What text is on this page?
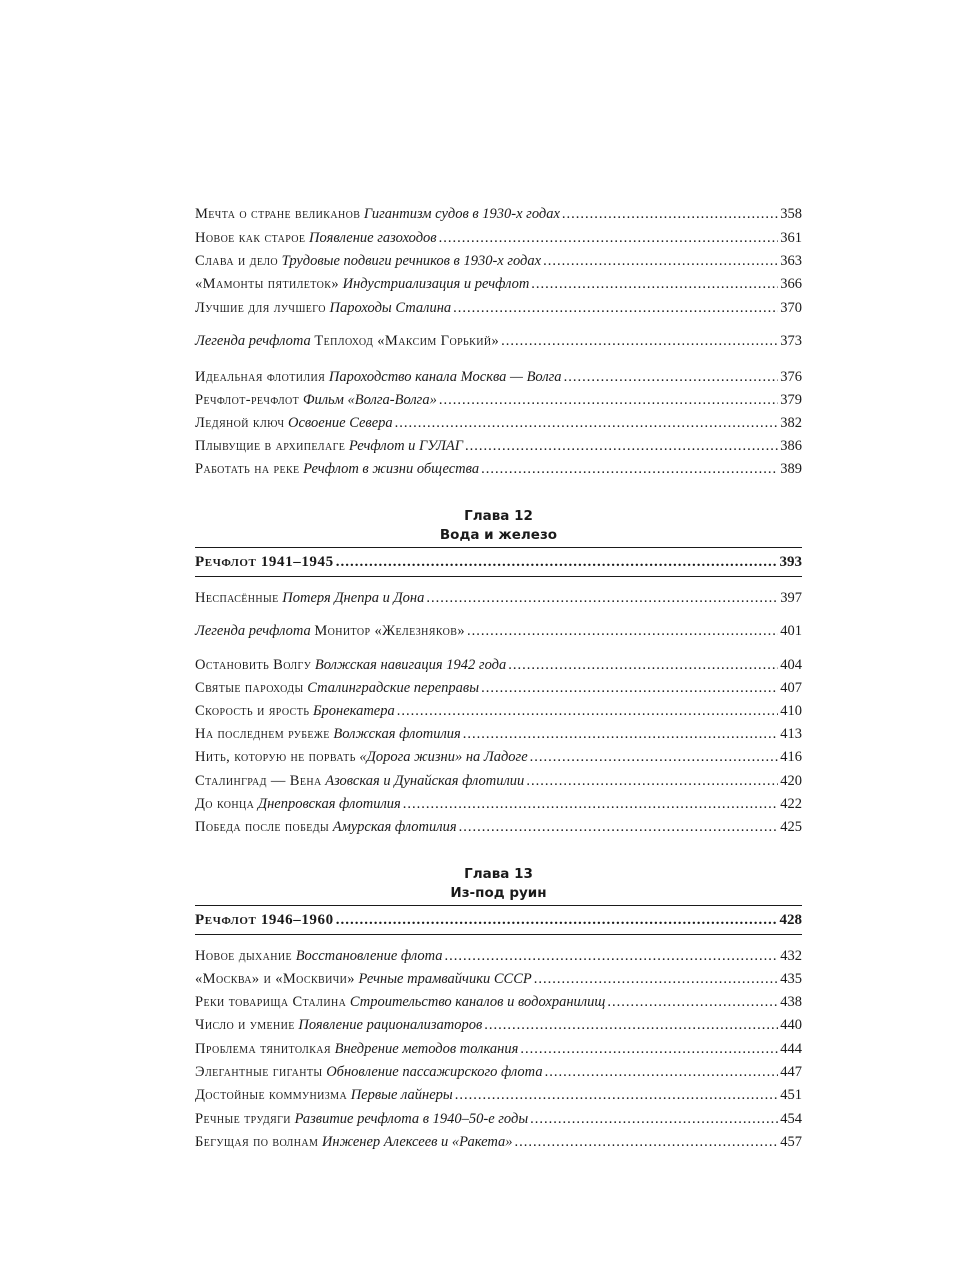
Мечта о стране великанов Гигантизм судов в 1930-х годах .....	358
Новое как старое Появление газоходов .....	361
Слава и дело Трудовые подвиги речников в 1930-х годах .....	363
«Мамонты пятилеток» Индустриализация и речфлот .....	366
Лучшие для лучшего Пароходы Сталина .....	370
Легенда речфлота Теплоход «Максим Горький» .....	373
Идеальная флотилия Пароходство канала Москва — Волга .....	376
Речфлот-речфлот Фильм «Волга-Волга» .....	379
Ледяной ключ Освоение Севера .....	382
Плывущие в архипелаге Речфлот и ГУЛАГ .....	386
Работать на реке Речфлот в жизни общества .....	389
Глава 12
Вода и железо
Речфлот 1941–1945 .....	393
Неспасённые Потеря Днепра и Дона .....	397
Легенда речфлота Монитор «Железняков» .....	401
Остановить Волгу Волжская навигация 1942 года .....	404
Святые пароходы Сталинградские переправы .....	407
Скорость и ярость Бронекатера .....	410
На последнем рубеже Волжская флотилия .....	413
Нить, которую не порвать «Дорога жизни» на Ладоге .....	416
Сталинград — Вена Азовская и Дунайская флотилии .....	420
До конца Днепровская флотилия .....	422
Победа после победы Амурская флотилия .....	425
Глава 13
Из-под руин
Речфлот 1946–1960 .....	428
Новое дыхание Восстановление флота .....	432
«Москва» и «Москвичи» Речные трамвайчики СССР .....	435
Реки товарища Сталина Строительство каналов и водохранилищ .....	438
Число и умение Появление рационализаторов .....	440
Проблема тянитолкая Внедрение методов толкания .....	444
Элегантные гиганты Обновление пассажирского флота .....	447
Достойные коммунизма Первые лайнеры .....	451
Речные трудяги Развитие речфлота в 1940–50-е годы .....	454
Бегущая по волнам Инженер Алексеев и «Ракета» .....	457
